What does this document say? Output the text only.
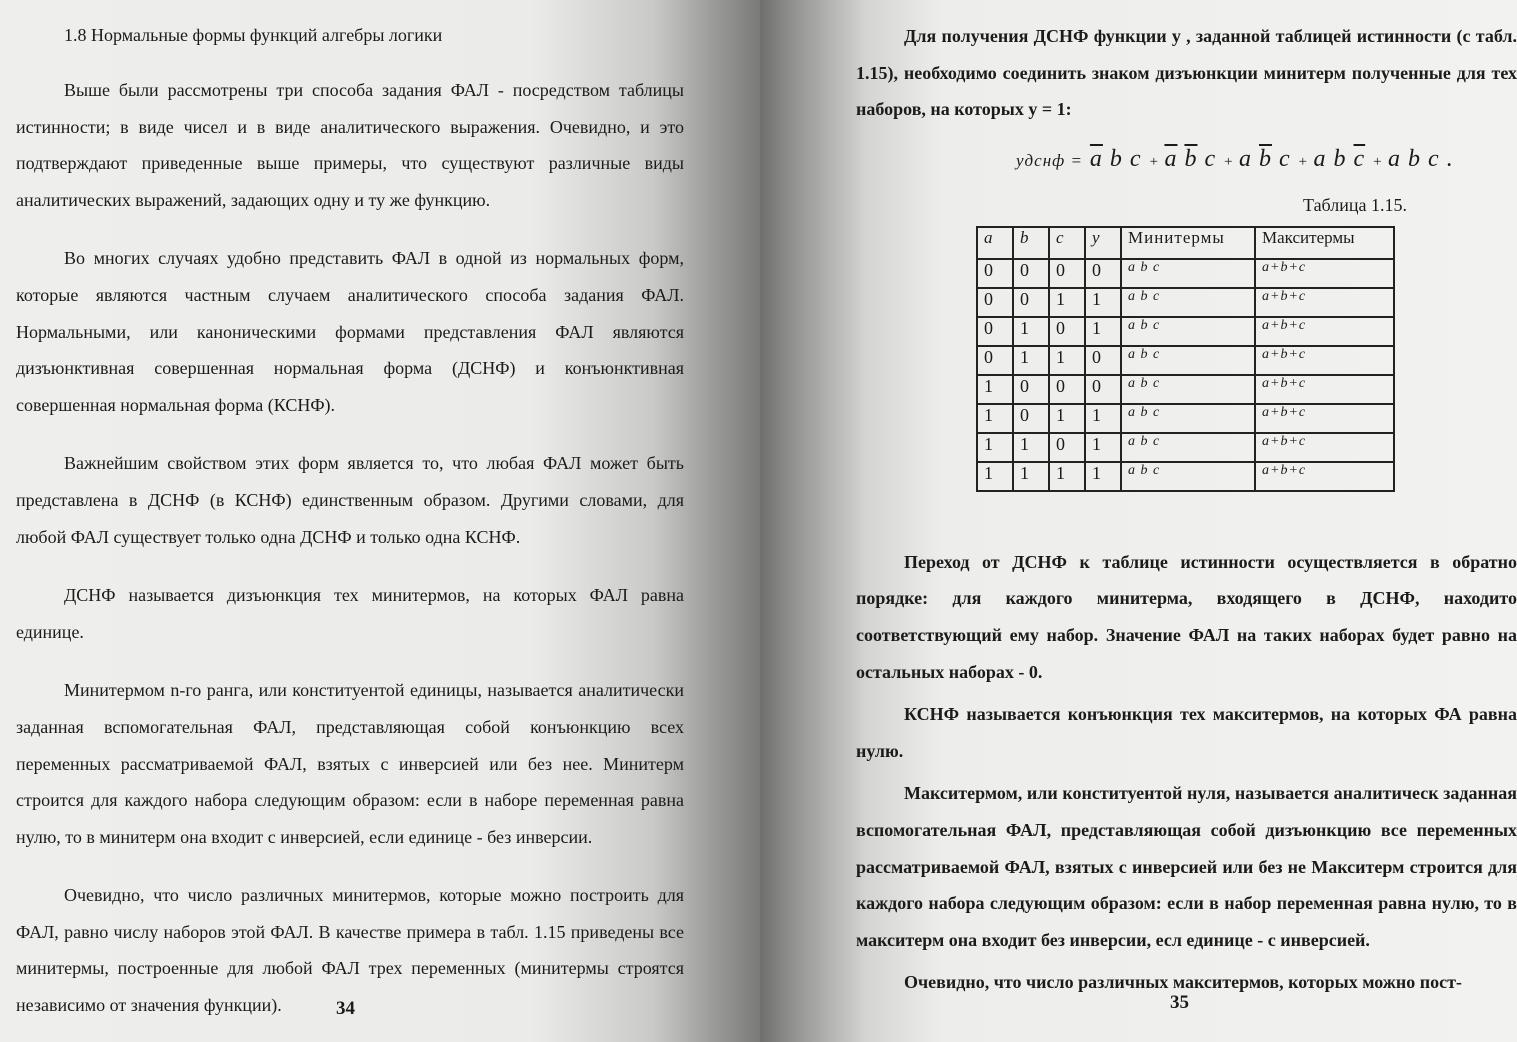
1.8 Нормальные формы функций алгебры логики

Выше были рассмотрены три способа задания ФАЛ - посредством таблицы истинности; в виде чисел и в виде аналитического выражения. Очевидно, и это подтверждают приведенные выше примеры, что существуют различные виды аналитических выражений, задающих одну и ту же функцию.

Во многих случаях удобно представить ФАЛ в одной из нормальных форм, которые являются частным случаем аналитического способа задания ФАЛ. Нормальными, или каноническими формами представления ФАЛ являются дизъюнктивная совершенная нормальная форма (ДСНФ) и конъюнктивная совершенная нормальная форма (КСНФ).

Важнейшим свойством этих форм является то, что любая ФАЛ может быть представлена в ДСНФ (в КСНФ) единственным образом. Другими словами, для любой ФАЛ существует только одна ДСНФ и только одна КСНФ.

ДСНФ называется дизъюнкция тех минитермов, на которых ФАЛ равна единице.

Минитермом n-го ранга, или конституентой единицы, называется аналитически заданная вспомогательная ФАЛ, представляющая собой конъюнкцию всех переменных рассматриваемой ФАЛ, взятых с инверсией или без нее. Минитерм строится для каждого набора следующим образом: если в наборе переменная равна нулю, то в минитерм она входит с инверсией, если единице - без инверсии.

Очевидно, что число различных минитермов, которые можно построить для ФАЛ, равно числу наборов этой ФАЛ. В качестве примера в табл. 1.15 приведены все минитермы, построенные для любой ФАЛ трех переменных (минитермы строятся независимо от значения функции).	34

Для получения ДСНФ функции y , заданной таблицей истинности (с табл. 1.15), необходимо соединить знаком дизъюнкции минитерм полученные для тех наборов, на которых y = 1:

yдснф = $\overline{a}$ b $c + \overline{a}$ $\overline{b}$ c + a $\overline{b}$ c + a b $\overline{c} + a$ b c .
Таблица 1.15.
a	b	c	y	Минитермы	Макситермы
0	0	0	0	a b c	a+b+c
0	0	1	1	a b c	a+b+c
0	1	0	1	a b c	a+b+c
0	1	1	0	a b c	a+b+c
1	0	0	0	a b c	a+b+c
1	0	1	1	a b c	a+b+c
1	1	0	1	a b c	a+b+c
1	1	1	1	a b c	a+b+c

Переход от ДСНФ к таблице истинности осуществляется в обратно порядке: для каждого минитерма, входящего в ДСНФ, находито соответствующий ему набор. Значение ФАЛ на таких наборах будет равно на остальных наборах - 0.

КСНФ называется конъюнкция тех макситермов, на которых ФА равна нулю.

Макситермом, или конституентой нуля, называется аналитическ заданная вспомогательная ФАЛ, представляющая собой дизъюнкцию все переменных рассматриваемой ФАЛ, взятых с инверсией или без не Макситерм строится для каждого набора следующим образом: если в набор переменная равна нулю, то в макситерм она входит без инверсии, есл единице - с инверсией.

Очевидно, что число различных макситермов, которых можно пост-

35
